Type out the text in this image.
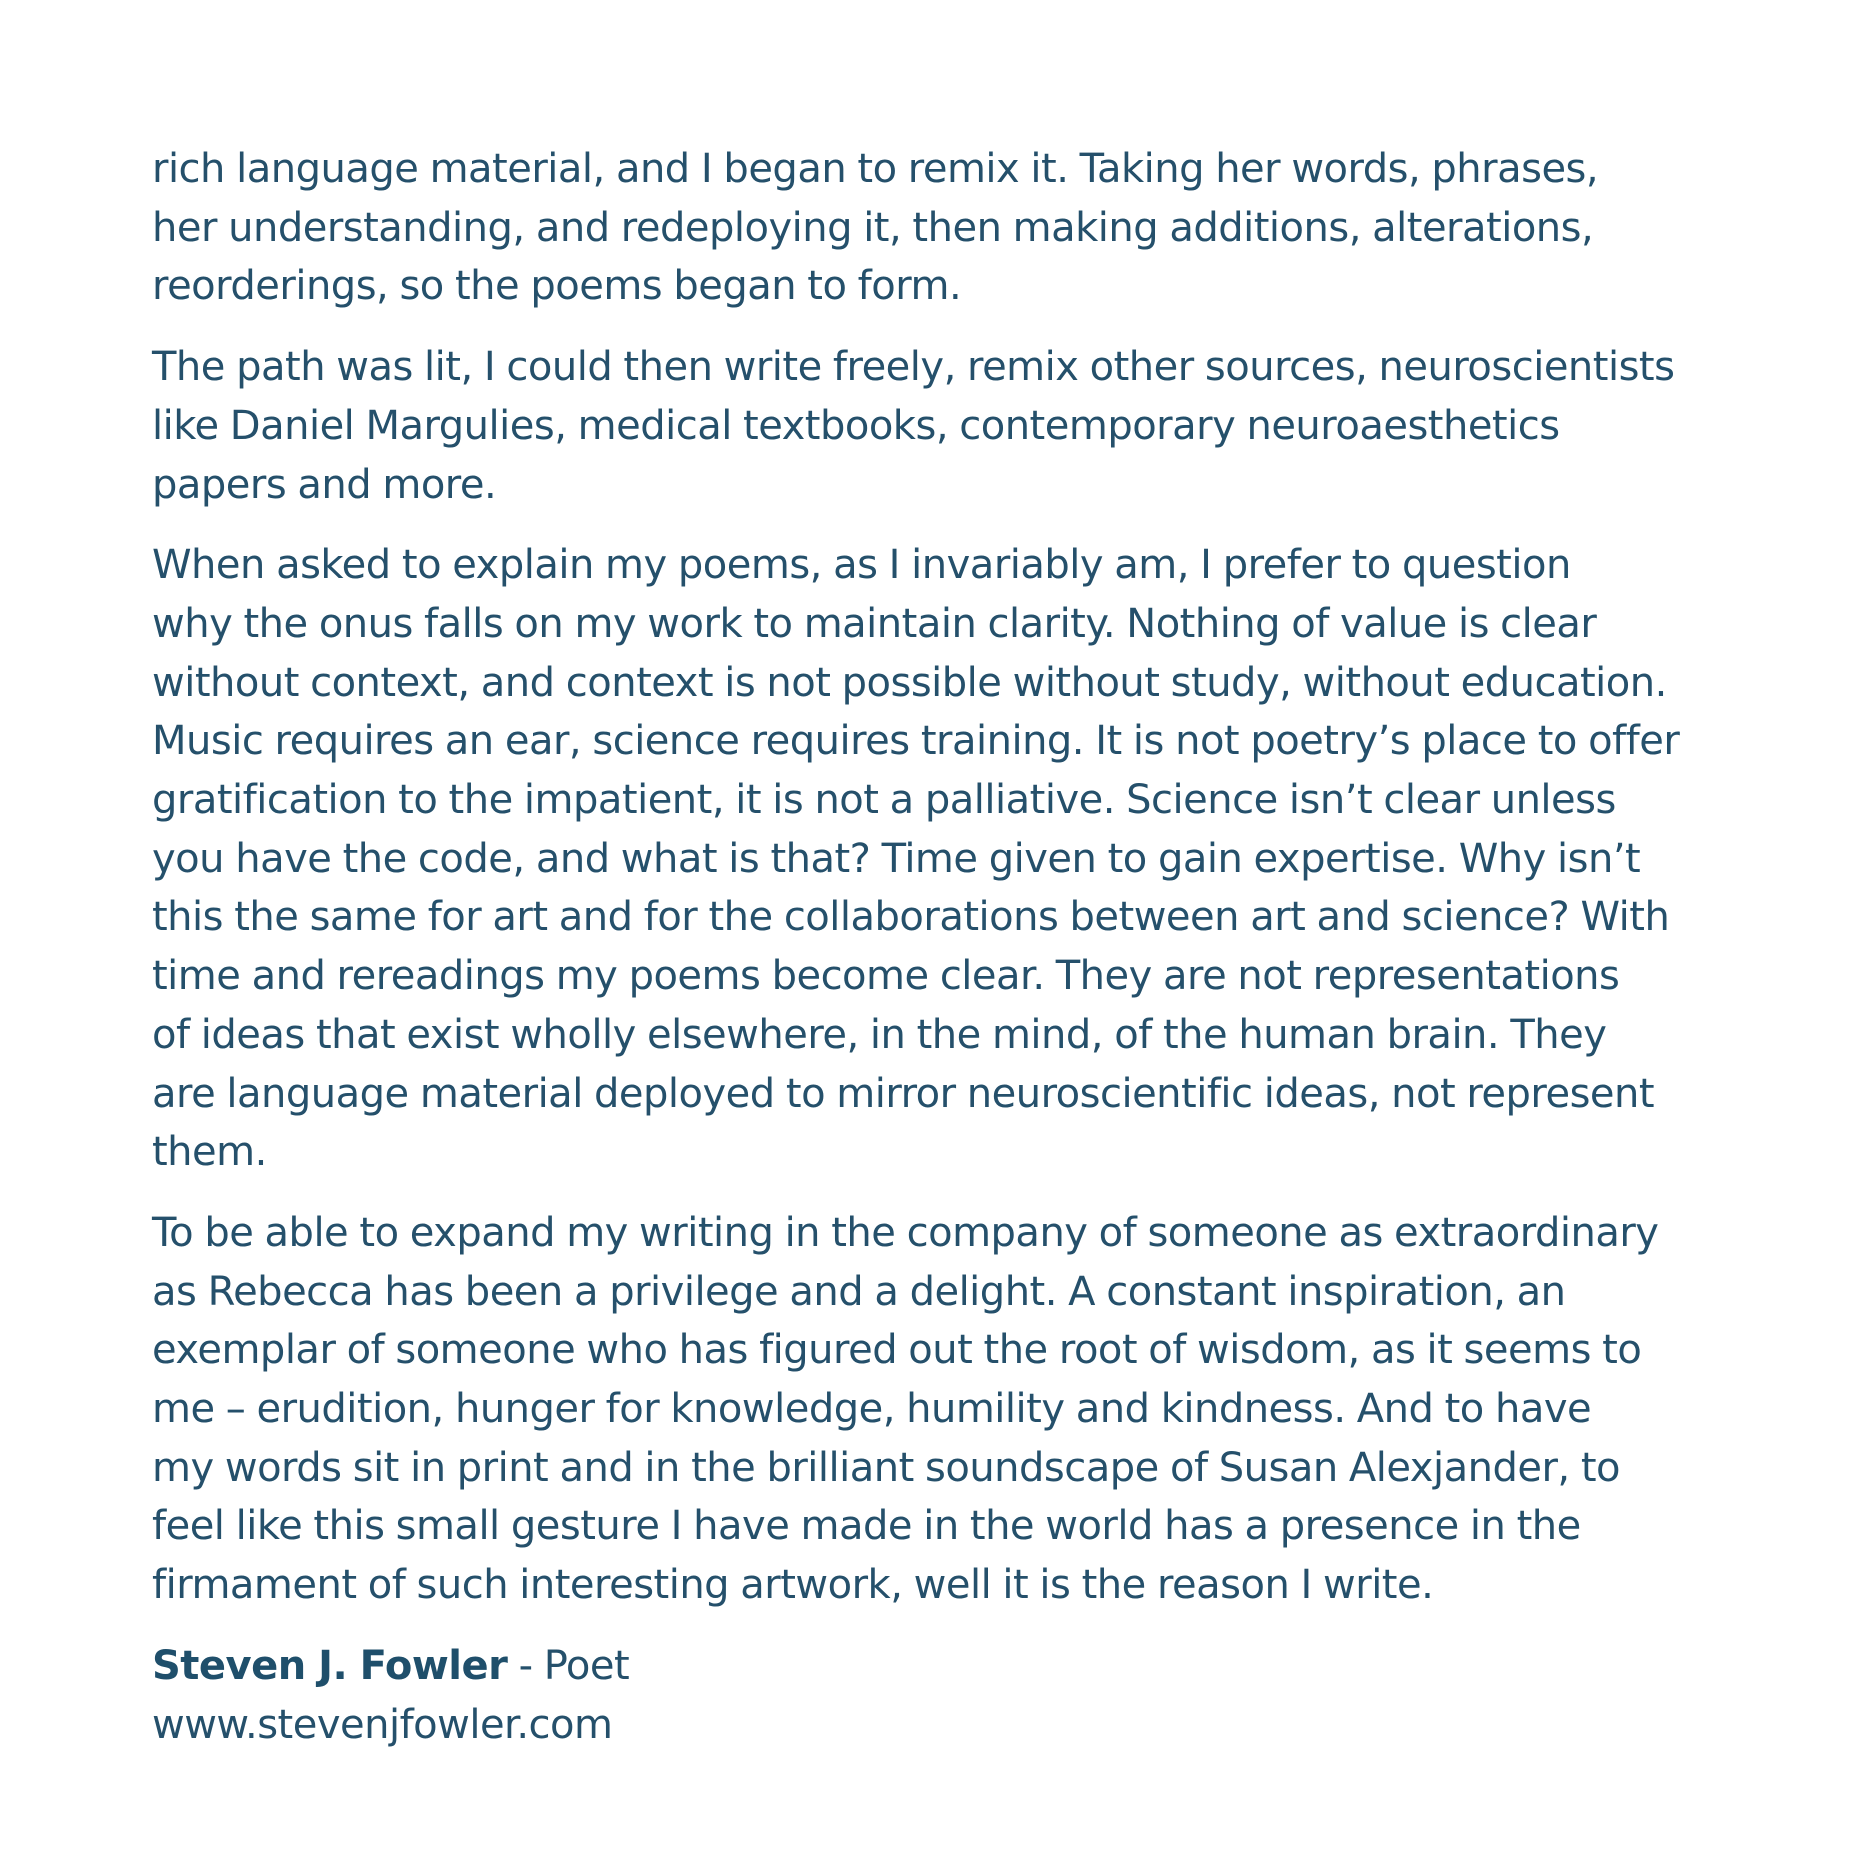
rich language material, and I began to remix it. Taking her words, phrases,
her understanding, and redeploying it, then making additions, alterations,
reorderings, so the poems began to form.
The path was lit, I could then write freely, remix other sources, neuroscientists
like Daniel Margulies, medical textbooks, contemporary neuroaesthetics
papers and more.
When asked to explain my poems, as I invariably am, I prefer to question
why the onus falls on my work to maintain clarity. Nothing of value is clear
without context, and context is not possible without study, without education.
Music requires an ear, science requires training. It is not poetry’s place to offer
gratification to the impatient, it is not a palliative. Science isn’t clear unless
you have the code, and what is that? Time given to gain expertise. Why isn’t
this the same for art and for the collaborations between art and science? With
time and rereadings my poems become clear. They are not representations
of ideas that exist wholly elsewhere, in the mind, of the human brain. They
are language material deployed to mirror neuroscientific ideas, not represent
them.
To be able to expand my writing in the company of someone as extraordinary
as Rebecca has been a privilege and a delight. A constant inspiration, an
exemplar of someone who has figured out the root of wisdom, as it seems to
me – erudition, hunger for knowledge, humility and kindness. And to have
my words sit in print and in the brilliant soundscape of Susan Alexjander, to
feel like this small gesture I have made in the world has a presence in the
firmament of such interesting artwork, well it is the reason I write.
Steven J. Fowler - Poet
www.stevenjfowler.com
